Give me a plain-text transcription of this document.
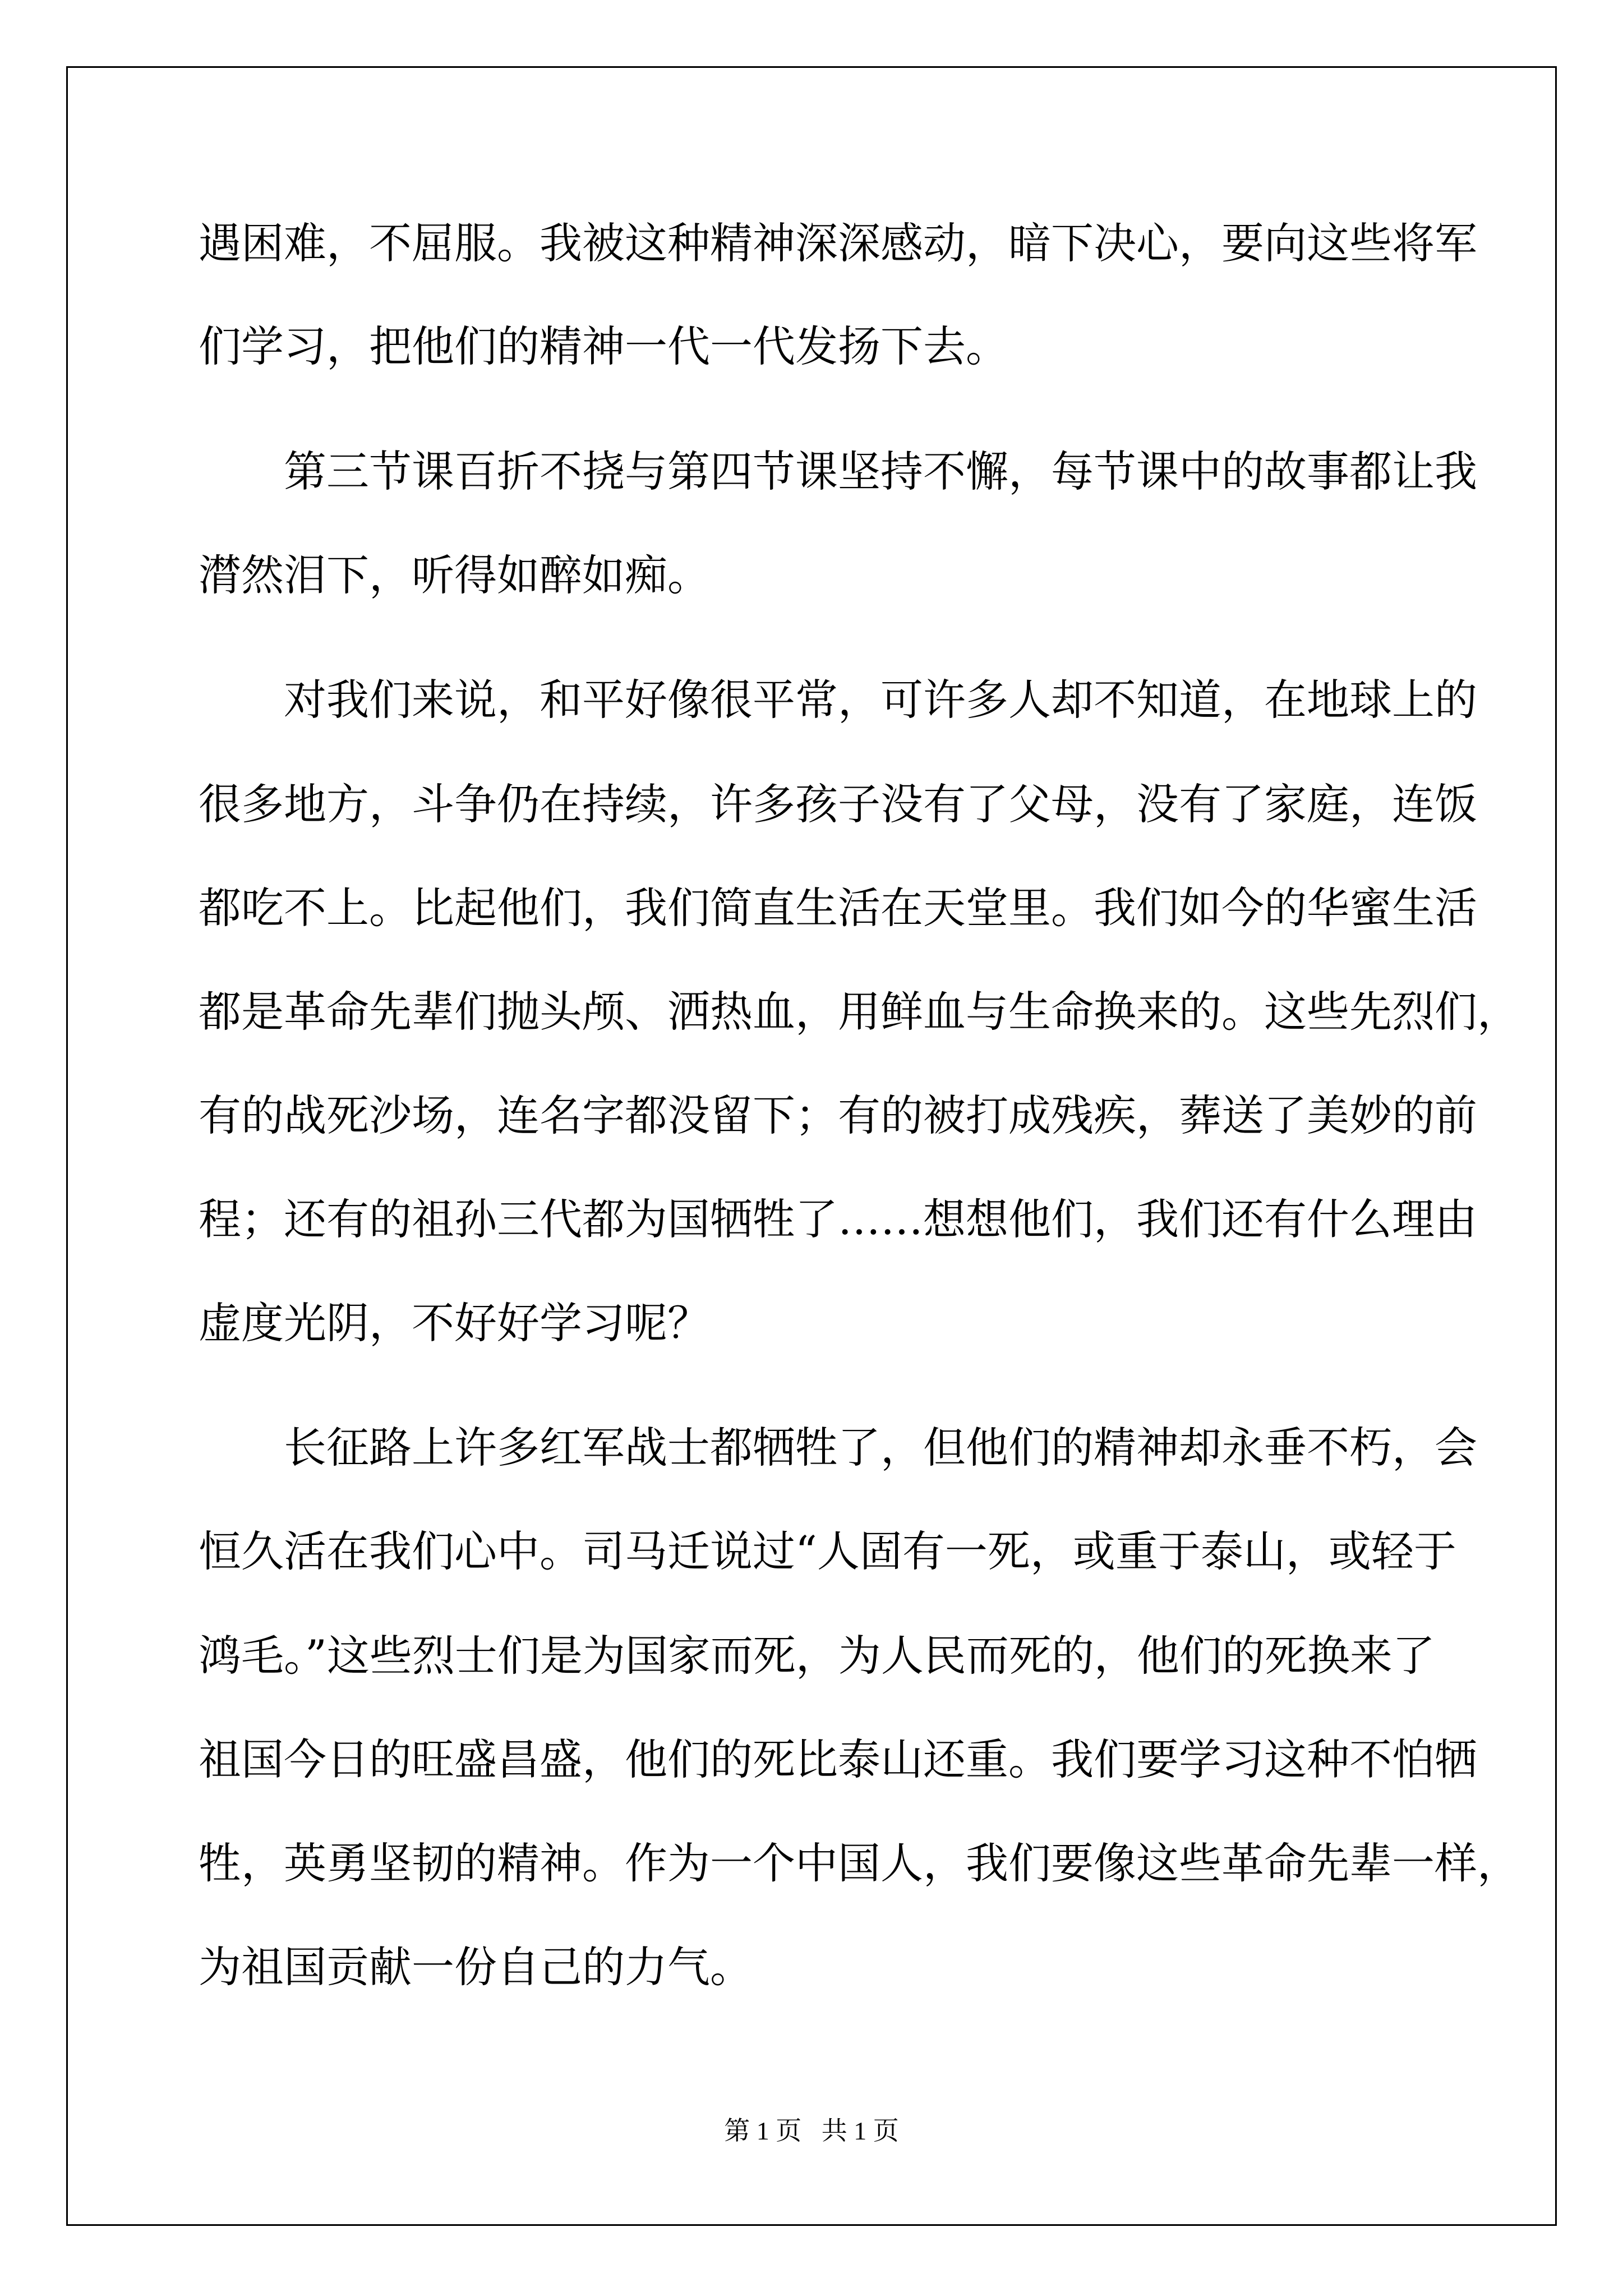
遇困难，不屈服。我被这种精神深深感动，暗下决心，要向这些将军
们学习，把他们的精神一代一代发扬下去。
　　第三节课百折不挠与第四节课坚持不懈，每节课中的故事都让我
潸然泪下，听得如醉如痴。
　　对我们来说，和平好像很平常，可许多人却不知道，在地球上的
很多地方，斗争仍在持续，许多孩子没有了父母，没有了家庭，连饭
都吃不上。比起他们，我们简直生活在天堂里。我们如今的华蜜生活
都是革命先辈们抛头颅、洒热血，用鲜血与生命换来的。这些先烈们，
有的战死沙场，连名字都没留下；有的被打成残疾，葬送了美妙的前
程；还有的祖孙三代都为国牺牲了……想想他们，我们还有什么理由
虚度光阴，不好好学习呢？
　　长征路上许多红军战士都牺牲了，但他们的精神却永垂不朽，会
恒久活在我们心中。司马迁说过“人固有一死，或重于泰山，或轻于
鸿毛。”这些烈士们是为国家而死，为人民而死的，他们的死换来了
祖国今日的旺盛昌盛，他们的死比泰山还重。我们要学习这种不怕牺
牲，英勇坚韧的精神。作为一个中国人，我们要像这些革命先辈一样，
为祖国贡献一份自己的力气。
第 1 页 共 1 页
